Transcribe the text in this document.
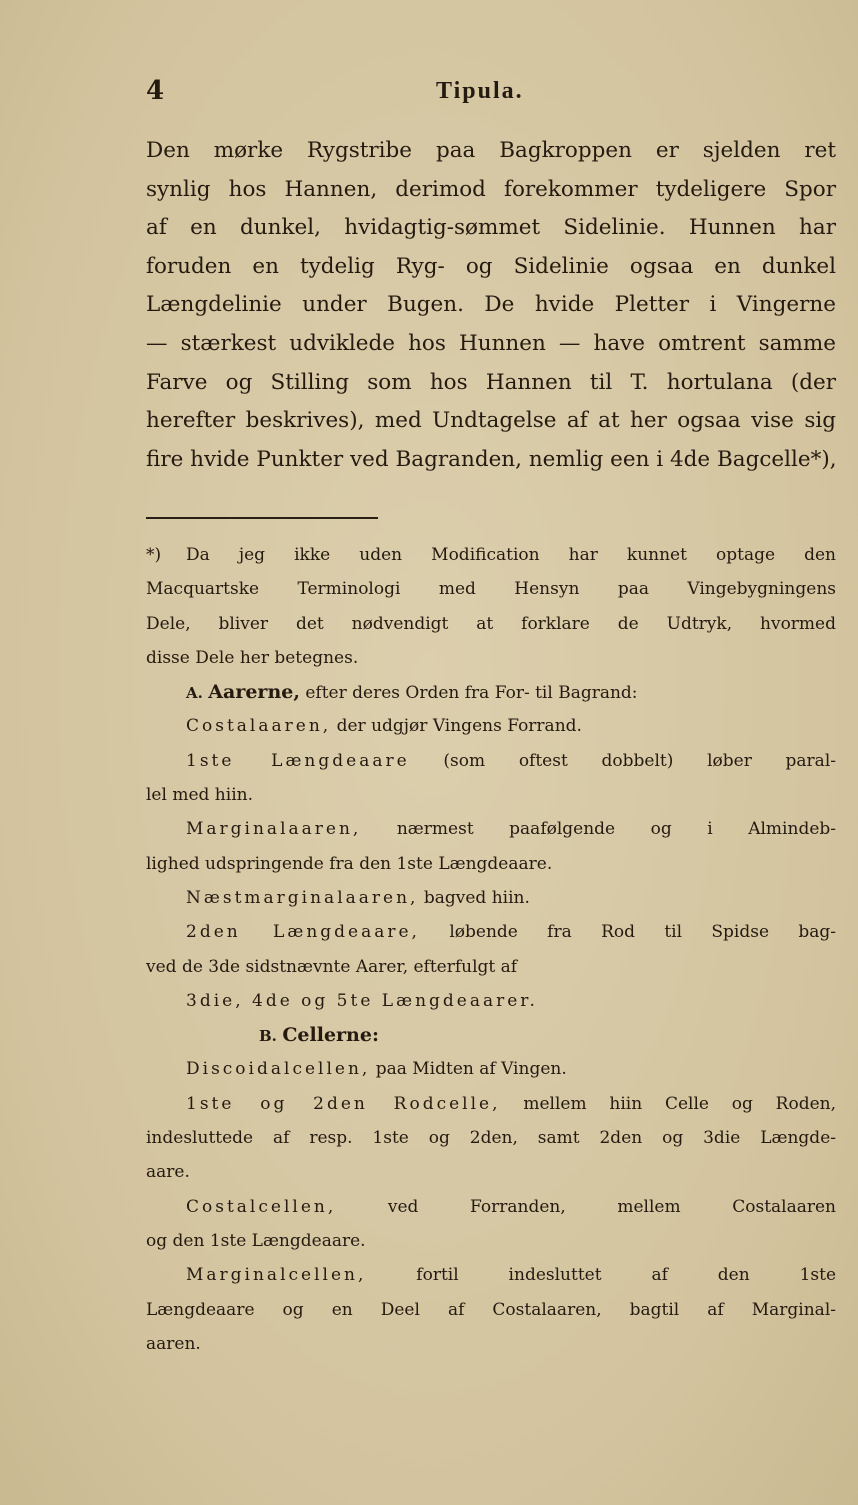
4	Tipula.
Den mørke Rygstribe paa Bagkroppen er sjelden ret
synlig hos Hannen, derimod forekommer tydeligere Spor
af en dunkel, hvidagtig-sømmet Sidelinie. Hunnen har
foruden en tydelig Ryg- og Sidelinie ogsaa en dunkel
Længdelinie under Bugen. De hvide Pletter i Vingerne
— stærkest udviklede hos Hunnen — have omtrent samme
Farve og Stilling som hos Hannen til T. hortulana (der
herefter beskrives), med Undtagelse af at her ogsaa vise sig
fire hvide Punkter ved Bagranden, nemlig een i 4de Bagcelle*),
*) Da jeg ikke uden Modification har kunnet optage den
Macquartske Terminologi med Hensyn paa Vingebygningens
Dele, bliver det nødvendigt at forklare de Udtryk, hvormed
disse Dele her betegnes.
A. Aarerne, efter deres Orden fra For- til Bagrand:
Costalaaren, der udgjør Vingens Forrand.
1ste Længdeaare (som oftest dobbelt) løber paral-
lel med hiin.
Marginalaaren, nærmest paafølgende og i Almindeb-
lighed udspringende fra den 1ste Længdeaare.
Næstmarginalaaren, bagved hiin.
2den Længdeaare, løbende fra Rod til Spidse bag-
ved de 3de sidstnævnte Aarer, efterfulgt af
3die, 4de og 5te Længdeaarer.
B. Cellerne:
Discoidalcellen, paa Midten af Vingen.
1ste og 2den Rodcelle, mellem hiin Celle og Roden,
indesluttede af resp. 1ste og 2den, samt 2den og 3die Længde-
aare.
Costalcellen,	ved Forranden, mellem Costalaaren
og den 1ste Længdeaare.
Marginalcellen,	fortil indesluttet af den 1ste
Længdeaare og en Deel af Costalaaren, bagtil af Marginal-
aaren.
